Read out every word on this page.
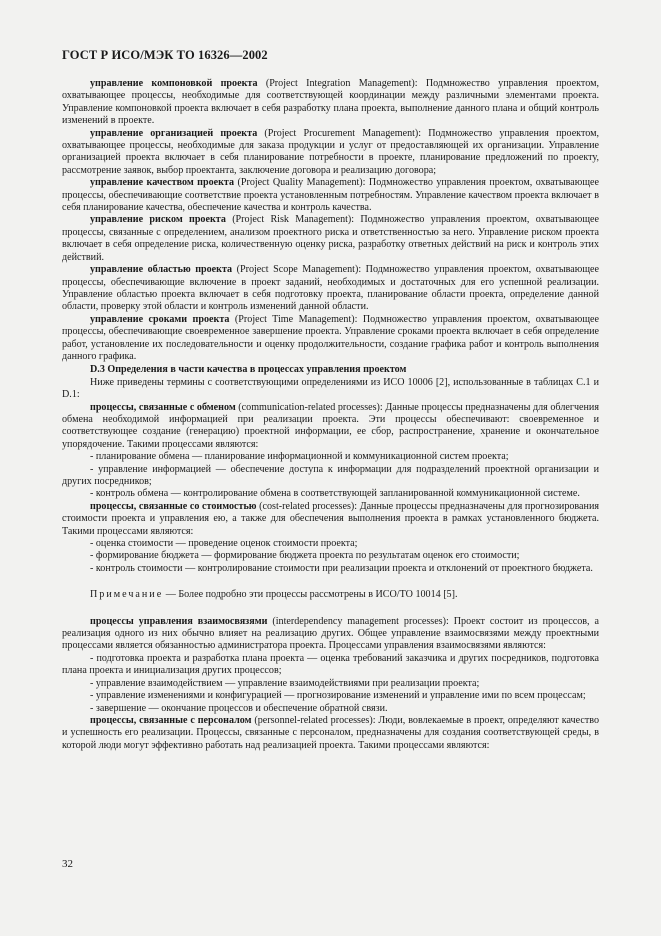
ГОСТ Р ИСО/МЭК ТО 16326—2002

управление компоновкой проекта (Project Integration Management): Подмножество управления проектом, охватывающее процессы, необходимые для соответствующей координации между различными элементами проекта. Управление компоновкой проекта включает в себя разработку плана проекта, выполнение данного плана и общий контроль изменений в проекте.

управление организацией проекта (Project Procurement Management): Подмножество управления проектом, охватывающее процессы, необходимые для заказа продукции и услуг от предоставляющей их организации. Управление организацией проекта включает в себя планирование потребности в проекте, планирование предложений по проекту, рассмотрение заявок, выбор проектанта, заключение договора и реализацию договора;

управление качеством проекта (Project Quality Management): Подмножество управления проектом, охватывающее процессы, обеспечивающие соответствие проекта установленным потребностям. Управление качеством проекта включает в себя планирование качества, обеспечение качества и контроль качества.

управление риском проекта (Project Risk Management): Подмножество управления проектом, охватывающее процессы, связанные с определением, анализом проектного риска и ответственностью за него. Управление риском проекта включает в себя определение риска, количественную оценку риска, разработку ответных действий на риск и контроль этих действий.

управление областью проекта (Project Scope Management): Подмножество управления проектом, охватывающее процессы, обеспечивающие включение в проект заданий, необходимых и достаточных для его успешной реализации. Управление областью проекта включает в себя подготовку проекта, планирование области проекта, определение данной области, проверку этой области и контроль изменений данной области.

управление сроками проекта (Project Time Management): Подмножество управления проектом, охватывающее процессы, обеспечивающие своевременное завершение проекта. Управление сроками проекта включает в себя определение работ, установление их последовательности и оценку продолжительности, создание графика работ и контроль выполнения данного графика.

D.3 Определения в части качества в процессах управления проектом

Ниже приведены термины с соответствующими определениями из ИСО 10006 [2], использованные в таблицах С.1 и D.1:

процессы, связанные с обменом (communication-related processes): Данные процессы предназначены для облегчения обмена необходимой информацией при реализации проекта. Эти процессы обеспечивают: своевременное и соответствующее создание (генерацию) проектной информации, ее сбор, распространение, хранение и окончательное упорядочение. Такими процессами являются:

- планирование обмена — планирование информационной и коммуникационной систем проекта;

- управление информацией — обеспечение доступа к информации для подразделений проектной организации и других посредников;

- контроль обмена — контролирование обмена в соответствующей запланированной коммуникационной системе.

процессы, связанные со стоимостью (cost-related processes): Данные процессы предназначены для прогнозирования стоимости проекта и управления ею, а также для обеспечения выполнения проекта в рамках установленного бюджета. Такими процессами являются:

- оценка стоимости — проведение оценок стоимости проекта;

- формирование бюджета — формирование бюджета проекта по результатам оценок его стоимости;

- контроль стоимости — контролирование стоимости при реализации проекта и отклонений от проектного бюджета.

Примечание — Более подробно эти процессы рассмотрены в ИСО/ТО 10014 [5].

процессы управления взаимосвязями (interdependency management processes): Проект состоит из процессов, а реализация одного из них обычно влияет на реализацию других. Общее управление взаимосвязями между проектными процессами является обязанностью администратора проекта. Процессами управления взаимосвязями являются:

- подготовка проекта и разработка плана проекта — оценка требований заказчика и других посредников, подготовка плана проекта и инициализация других процессов;

- управление взаимодействием — управление взаимодействиями при реализации проекта;

- управление изменениями и конфигурацией — прогнозирование изменений и управление ими по всем процессам;

- завершение — окончание процессов и обеспечение обратной связи.

процессы, связанные с персоналом (personnel-related processes): Люди, вовлекаемые в проект, определяют качество и успешность его реализации. Процессы, связанные с персоналом, предназначены для создания соответствующей среды, в которой люди могут эффективно работать над реализацией проекта. Такими процессами являются:

32
